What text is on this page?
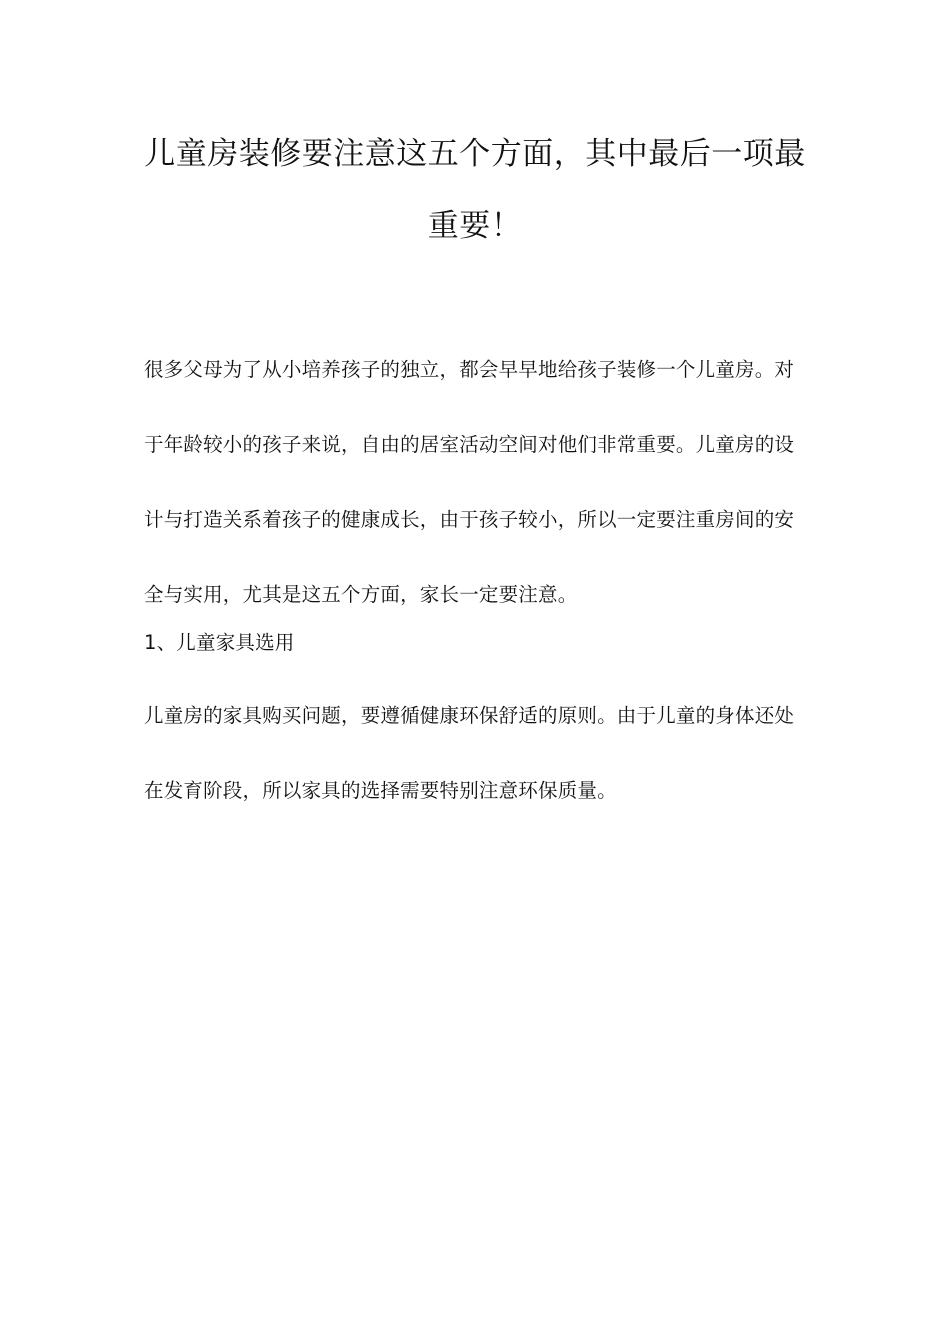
儿童房装修要注意这五个方面，其中最后一项最重要！

很多父母为了从小培养孩子的独立，都会早早地给孩子装修一个儿童房。对于年龄较小的孩子来说，自由的居室活动空间对他们非常重要。儿童房的设计与打造关系着孩子的健康成长，由于孩子较小，所以一定要注重房间的安全与实用，尤其是这五个方面，家长一定要注意。

1、儿童家具选用

儿童房的家具购买问题，要遵循健康环保舒适的原则。由于儿童的身体还处在发育阶段，所以家具的选择需要特别注意环保质量。
